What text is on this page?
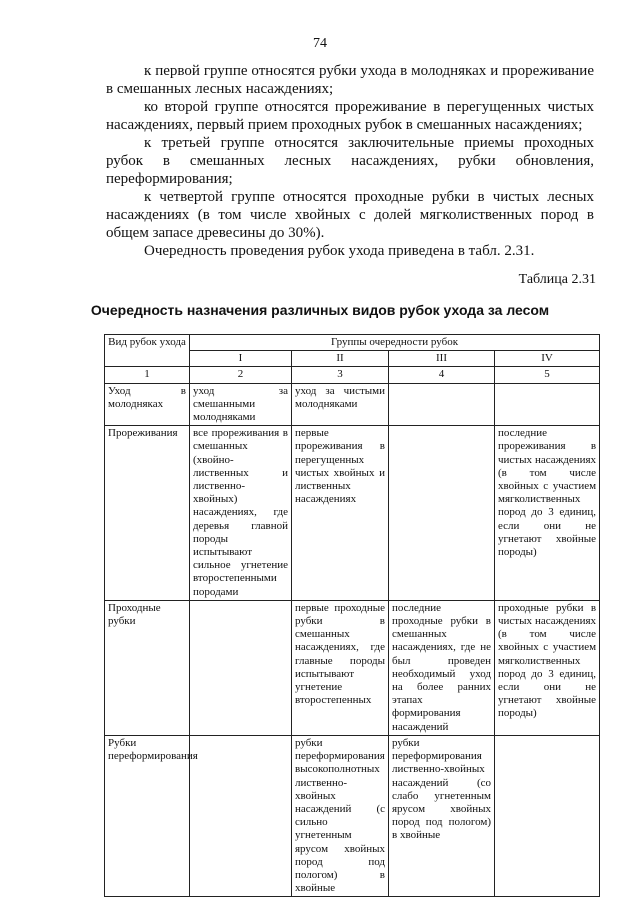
74

к первой группе относятся рубки ухода в молодняках и прореживание в смешанных лесных насаждениях;

ко второй группе относятся прореживание в перегущенных чистых насаждениях, первый прием проходных рубок в смешанных насаждениях;

к третьей группе относятся заключительные приемы проходных рубок в смешанных лесных насаждениях, рубки обновления, переформирования;

к четвертой группе относятся проходные рубки в чистых лесных насаждениях (в том числе хвойных с долей мягколиственных пород в общем запасе древесины до 30%).

Очередность проведения рубок ухода приведена в табл. 2.31.

Таблица 2.31
Очередность назначения различных видов рубок ухода за лесом
Вид рубок ухода	Группы очередности рубок			
	I	II	III	IV
1	2	3	4	5
Уход в молодняках	уход за смешанными молодняками	уход за чистыми молодняками		
Прореживания	все прореживания в смешанных (хвойно-лиственных и лиственно-хвойных) насаждениях, где деревья главной породы испытывают сильное угнетение второстепенными породами	первые прореживания в перегущенных чистых хвойных и лиственных насаждениях		последние прореживания в чистых насаждениях (в том числе хвойных с участием мягколиственных пород до 3 единиц, если они не угнетают хвойные породы)
Проходные рубки		первые проходные рубки в смешанных насаждениях, где главные породы испытывают угнетение второстепенных	последние проходные рубки в смешанных насаждениях, где не был проведен необходимый уход на более ранних этапах формирования насаждений	проходные рубки в чистых насаждениях (в том числе хвойных с участием мягколиственных пород до 3 единиц, если они не угнетают хвойные породы)
Рубки переформирования		рубки переформирования высокополнотных лиственно-хвойных насаждений (с сильно угнетенным ярусом хвойных пород под пологом) в хвойные	рубки переформирования лиственно-хвойных насаждений (со слабо угнетенным ярусом хвойных пород под пологом) в хвойные	
